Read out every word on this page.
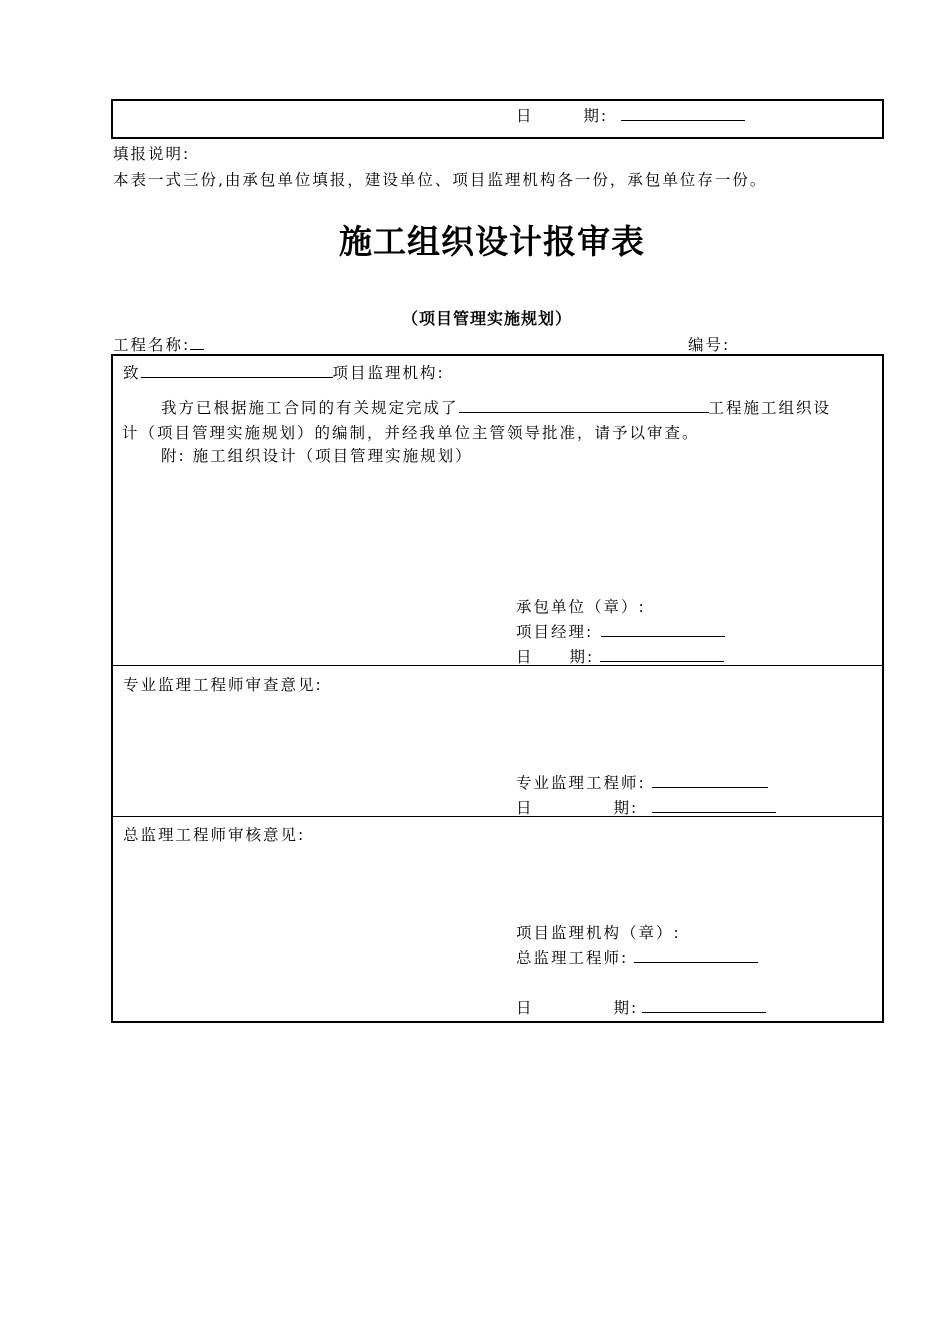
日	期:
填报说明:
本表一式三份,由承包单位填报，建设单位、项目监理机构各一份，承包单位存一份。
施工组织设计报审表
（项目管理实施规划）
工程名称:	编号:
致	项目监理机构:
我方已根据施工合同的有关规定完成了	工程施工组织设
计（项目管理实施规划）的编制，并经我单位主管领导批准，请予以审查。
附: 施工组织设计（项目管理实施规划）
承包单位（章）:
项目经理:
日 期:
专业监理工程师审查意见:
专业监理工程师:
日	期:
总监理工程师审核意见:
项目监理机构（章）:
总监理工程师:
日	期:
